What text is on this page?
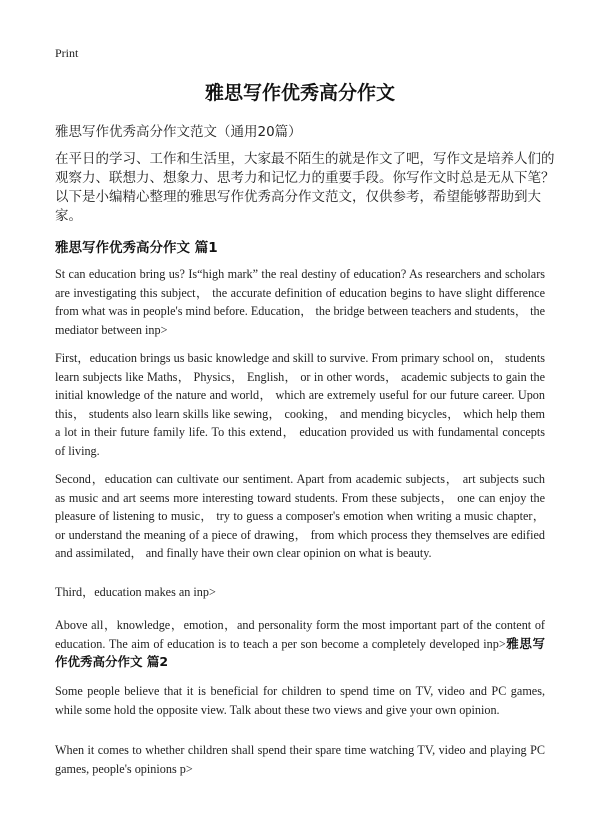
Print
雅思写作优秀高分作文
雅思写作优秀高分作文范文（通用20篇）
在平日的学习、工作和生活里，大家最不陌生的就是作文了吧，写作文是培养人们的观察力、联想力、想象力、思考力和记忆力的重要手段。你写作文时总是无从下笔？以下是小编精心整理的雅思写作优秀高分作文范文，仅供参考，希望能够帮助到大家。
雅思写作优秀高分作文 篇1
St can education bring us? Is“high mark” the real destiny of education? As researchers and scholars are investigating this subject， the accurate definition of education begins to have slight difference from what was in people's mind before. Education， the bridge between teachers and students， the mediator between inp>
First，education brings us basic knowledge and skill to survive. From primary school on， students learn subjects like Maths， Physics， English， or in other words， academic subjects to gain the initial knowledge of the nature and world， which are extremely useful for our future career. Upon this， students also learn skills like sewing， cooking， and mending bicycles， which help them a lot in their future family life. To this extend， education provided us with fundamental concepts of living.
Second，education can cultivate our sentiment. Apart from academic subjects， art subjects such as music and art seems more interesting toward students. From these subjects， one can enjoy the pleasure of listening to music， try to guess a composer's emotion when writing a music chapter， or understand the meaning of a piece of drawing， from which process they themselves are edified and assimilated， and finally have their own clear opinion on what is beauty.
Third，education makes an inp>
Above all，knowledge，emotion，and personality form the most important part of the content of education. The aim of education is to teach a per son become a completely developed inp>雅思写作优秀高分作文 篇2
Some people believe that it is beneficial for children to spend time on TV, video and PC games, while some hold the opposite view. Talk about these two views and give your own opinion.
When it comes to whether children shall spend their spare time watching TV, video and playing PC games, people's opinions p>
